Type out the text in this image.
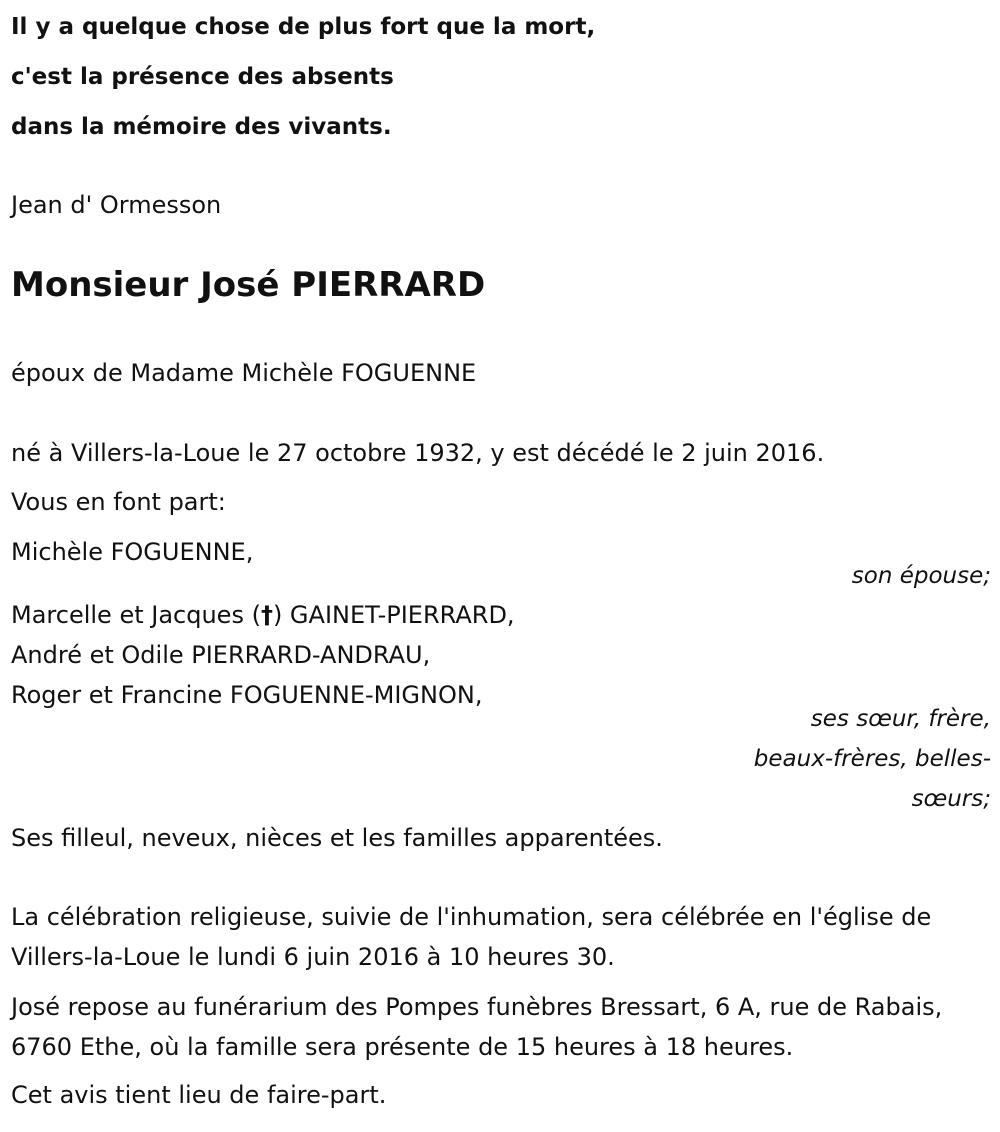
Il y a quelque chose de plus fort que la mort,
c'est la présence des absents
dans la mémoire des vivants.
Jean d' Ormesson
Monsieur José PIERRARD
époux de Madame Michèle FOGUENNE
né à Villers-la-Loue le 27 octobre 1932, y est décédé le 2 juin 2016.
Vous en font part:
Michèle FOGUENNE,
son épouse;
Marcelle et Jacques (†) GAINET-PIERRARD,
André et Odile PIERRARD-ANDRAU,
Roger et Francine FOGUENNE-MIGNON,
ses sœur, frère,
beaux-frères, belles-
sœurs;
Ses filleul, neveux, nièces et les familles apparentées.
La célébration religieuse, suivie de l'inhumation, sera célébrée en l'église de Villers-la-Loue le lundi 6 juin 2016 à 10 heures 30.
José repose au funérarium des Pompes funèbres Bressart, 6 A, rue de Rabais, 6760 Ethe, où la famille sera présente de 15 heures à 18 heures.
Cet avis tient lieu de faire-part.
